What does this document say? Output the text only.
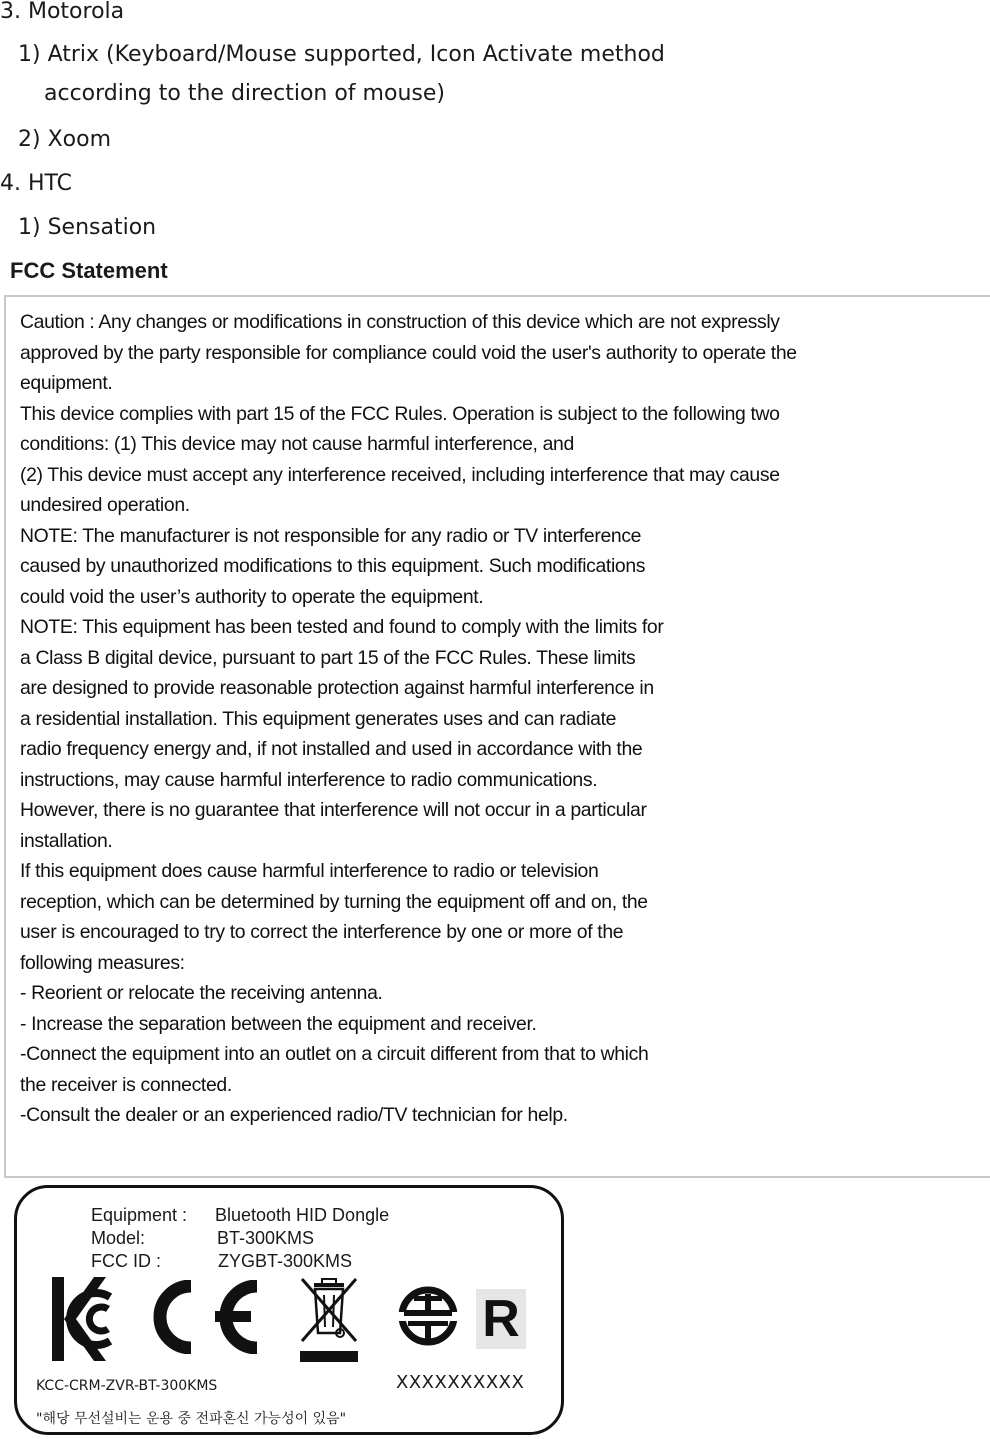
3. Motorola
1) Atrix (Keyboard/Mouse supported, Icon Activate method
according to the direction of mouse)
2) Xoom
4. HTC
1) Sensation
FCC Statement
Caution : Any changes or modifications in construction of this device which are not expressly
approved by the party responsible for compliance could void the user's authority to operate the
equipment.
This device complies with part 15 of the FCC Rules. Operation is subject to the following two
conditions: (1) This device may not cause harmful interference, and
(2) This device must accept any interference received, including interference that may cause
undesired operation.
NOTE: The manufacturer is not responsible for any radio or TV interference
caused by unauthorized modifications to this equipment. Such modifications
could void the user’s authority to operate the equipment.
NOTE: This equipment has been tested and found to comply with the limits for
a Class B digital device, pursuant to part 15 of the FCC Rules. These limits
are designed to provide reasonable protection against harmful interference in
a residential installation. This equipment generates uses and can radiate
radio frequency energy and, if not installed and used in accordance with the
instructions, may cause harmful interference to radio communications.
However, there is no guarantee that interference will not occur in a particular
installation.
If this equipment does cause harmful interference to radio or television
reception, which can be determined by turning the equipment off and on, the
user is encouraged to try to correct the interference by one or more of the
following measures:
- Reorient or relocate the receiving antenna.
- Increase the separation between the equipment and receiver.
-Connect the equipment into an outlet on a circuit different from that to which
the receiver is connected.
-Consult the dealer or an experienced radio/TV technician for help.
Equipment : Bluetooth HID Dongle
Model:	BT-300KMS
FCC ID :	ZYGBT-300KMS
R
KCC-CRM-ZVR-BT-300KMS	XXXXXXXXXX
"해당 무선설비는 운용 중 전파혼신 가능성이 있음"
